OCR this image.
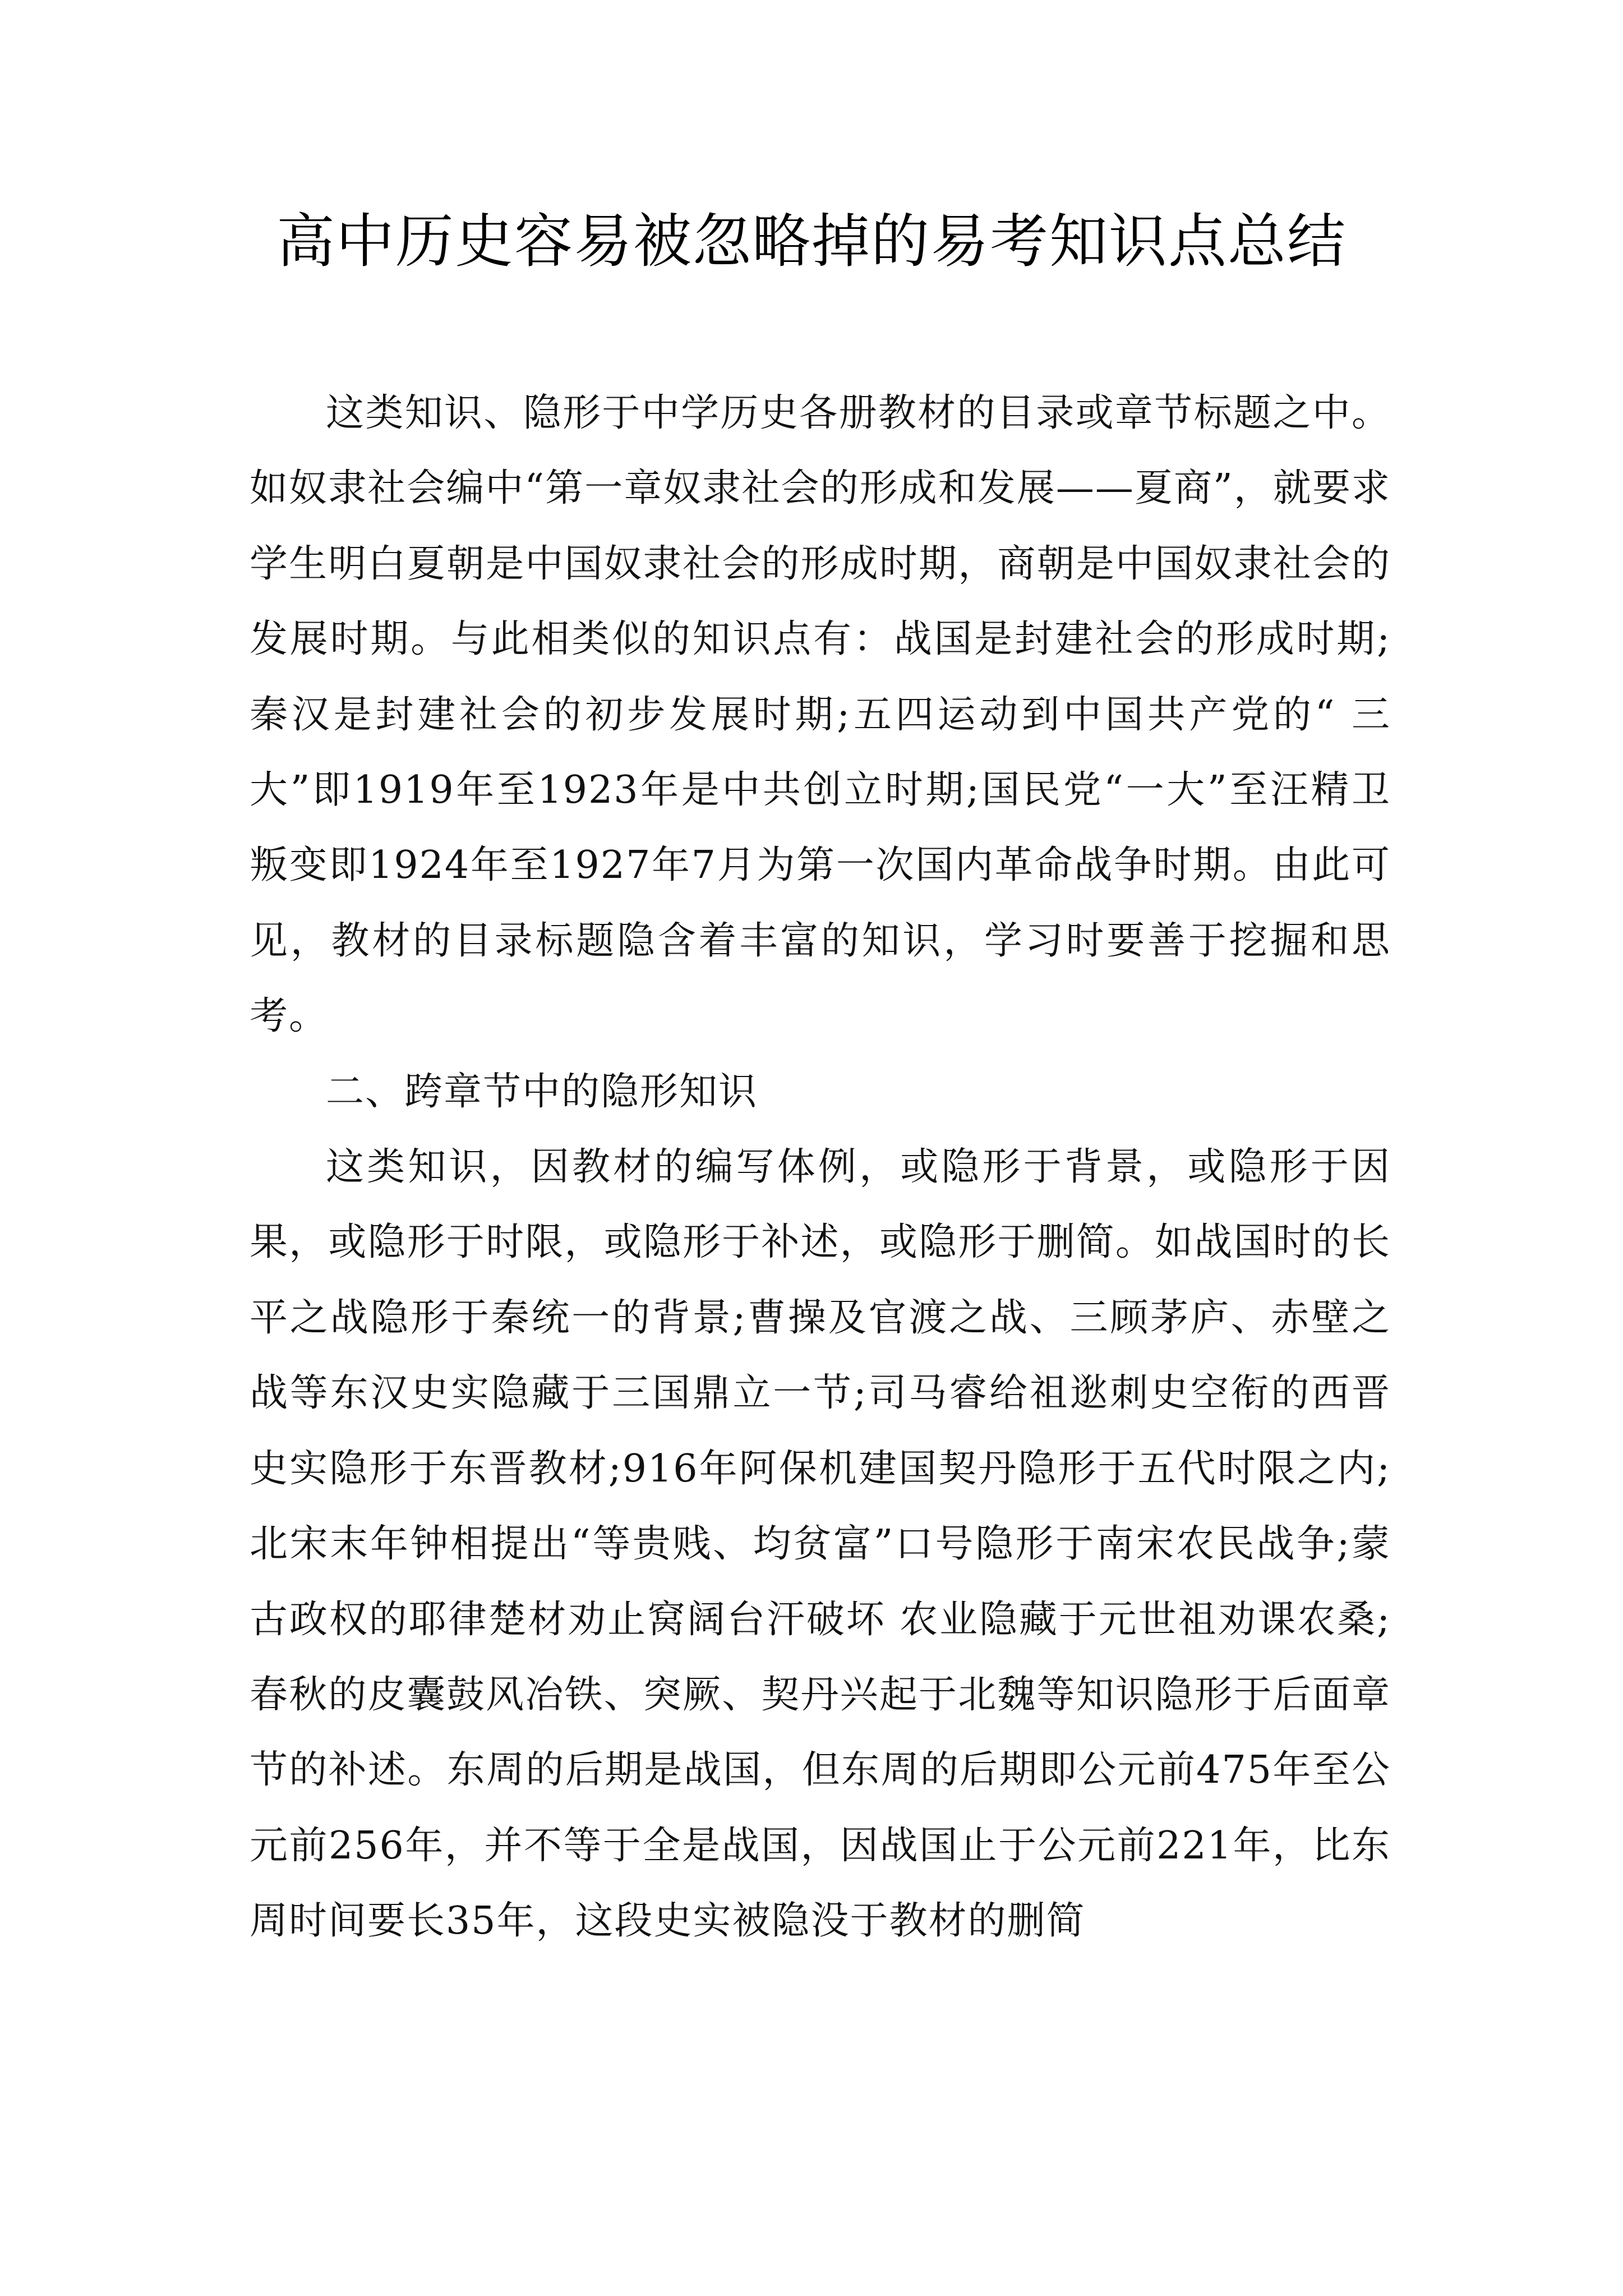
高中历史容易被忽略掉的易考知识点总结

这类知识、隐形于中学历史各册教材的目录或章节标题之中。如奴隶社会编中“第一章奴隶社会的形成和发展——夏商”，就要求学生明白夏朝是中国奴隶社会的形成时期，商朝是中国奴隶社会的发展时期。与此相类似的知识点有：战国是封建社会的形成时期;秦汉是封建社会的初步发展时期;五四运动到中国共产党的“ 三大”即1919年至1923年是中共创立时期;国民党“一大”至汪精卫叛变即1924年至1927年7月为第一次国内革命战争时期。由此可见，教材的目录标题隐含着丰富的知识，学习时要善于挖掘和思考。

二、跨章节中的隐形知识

这类知识，因教材的编写体例，或隐形于背景，或隐形于因果，或隐形于时限，或隐形于补述，或隐形于删简。如战国时的长平之战隐形于秦统一的背景;曹操及官渡之战、三顾茅庐、赤壁之战等东汉史实隐藏于三国鼎立一节;司马睿给祖逖刺史空衔的西晋史实隐形于东晋教材;916年阿保机建国契丹隐形于五代时限之内;北宋末年钟相提出“等贵贱、均贫富”口号隐形于南宋农民战争;蒙古政权的耶律楚材劝止窝阔台汗破坏 农业隐藏于元世祖劝课农桑;春秋的皮囊鼓风冶铁、突厥、契丹兴起于北魏等知识隐形于后面章节的补述。东周的后期是战国，但东周的后期即公元前475年至公元前256年，并不等于全是战国，因战国止于公元前221年，比东周时间要长35年，这段史实被隐没于教材的删简
